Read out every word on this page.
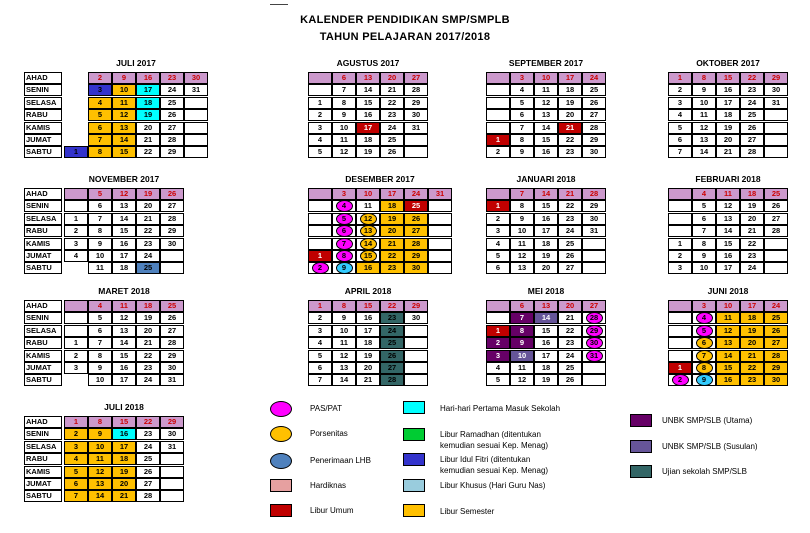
KALENDER PENDIDIKAN SMP/SMPLB
TAHUN PELAJARAN 2017/2018
JULI 2017
AHAD
SENIN
SELASA
RABU
KAMIS
JUMAT
SABTU	1
2
3
4
5
6
7
8
9
10
11
12
13
14
15
16
17
18
19
20
21
22
23
24
25
26
27
28
29
30
31
AGUSTUS 2017
1
2
3
4
5
6
7
8
9
10
11
12
13
14
15
16
17
18
19
20
21
22
23
24
25
26
27
28
29
30
31
SEPTEMBER 2017
1
2
3
4
5
6
7
8
9
10
11
12
13
14
15
16
17
18
19
20
21
22
23
24
25
26
27
28
29
30
OKTOBER 2017
1
2
3
4
5
6
7
8
9
10
11
12
13
14
15
16
17
18
19
20
21
22
23
24
25
26
27
28
29
30
31
NOVEMBER 2017
AHAD
SENIN
SELASA
RABU
KAMIS
JUMAT
SABTU
1
2
3
4
5
6
7
8
9
10
11
12
13
14
15
16
17
18
19
20
21
22
23
24
25
26
27
28
29
30
DESEMBER 2017
1
2
3
4
5
6
7
8
9
10
11
12
13
14
15
16
17
18
19
20
21
22
23
24
25
26
27
28
29
30
31
JANUARI 2018
1
2
3
4
5
6
7
8
9
10
11
12
13
14
15
16
17
18
19
20
21
22
23
24
25
26
27
28
29
30
31
FEBRUARI 2018
1
2
3
4
5
6
7
8
9
10
11
12
13
14
15
16
17
18
19
20
21
22
23
24
25
26
27
28
MARET 2018
AHAD
SENIN
SELASA
RABU
KAMIS
JUMAT
SABTU
1
2
3
4
5
6
7
8
9
10
11
12
13
14
15
16
17
18
19
20
21
22
23
24
25
26
27
28
29
30
31
APRIL 2018
1
2
3
4
5
6
7
8
9
10
11
12
13
14
15
16
17
18
19
20
21
22
23
24
25
26
27
28
29
30
MEI 2018
1
2
3
4
5
6
7
8
9
10
11
12
13
14
15
16
17
18
19
20
21
22
23
24
25
26
27
28
29
30
31
JUNI 2018
1
2
3
4
5
6
7
8
9
10
11
12
13
14
15
16
17
18
19
20
21
22
23
24
25
26
27
28
29
30
JULI 2018
AHAD
SENIN
SELASA
RABU
KAMIS
JUMAT
SABTU
1
2
3
4
5
6
7
8
9
10
11
12
13
14
15
16
17
18
19
20
21
22
23
24
25
26
27
28
29
30
31
PAS/PAT
Porsenitas
Penerimaan LHB
Hardiknas
Libur Umum
Hari-hari Pertama Masuk Sekolah
Libur Ramadhan (ditentukan
kemudian sesuai Kep. Menag)
Libur Idul Fitri (ditentukan
kemudian sesuai Kep. Menag)
Libur Khusus (Hari Guru Nas)
Libur Semester
UNBK SMP/SLB (Utama)
UNBK SMP/SLB (Susulan)
Ujian sekolah SMP/SLB
